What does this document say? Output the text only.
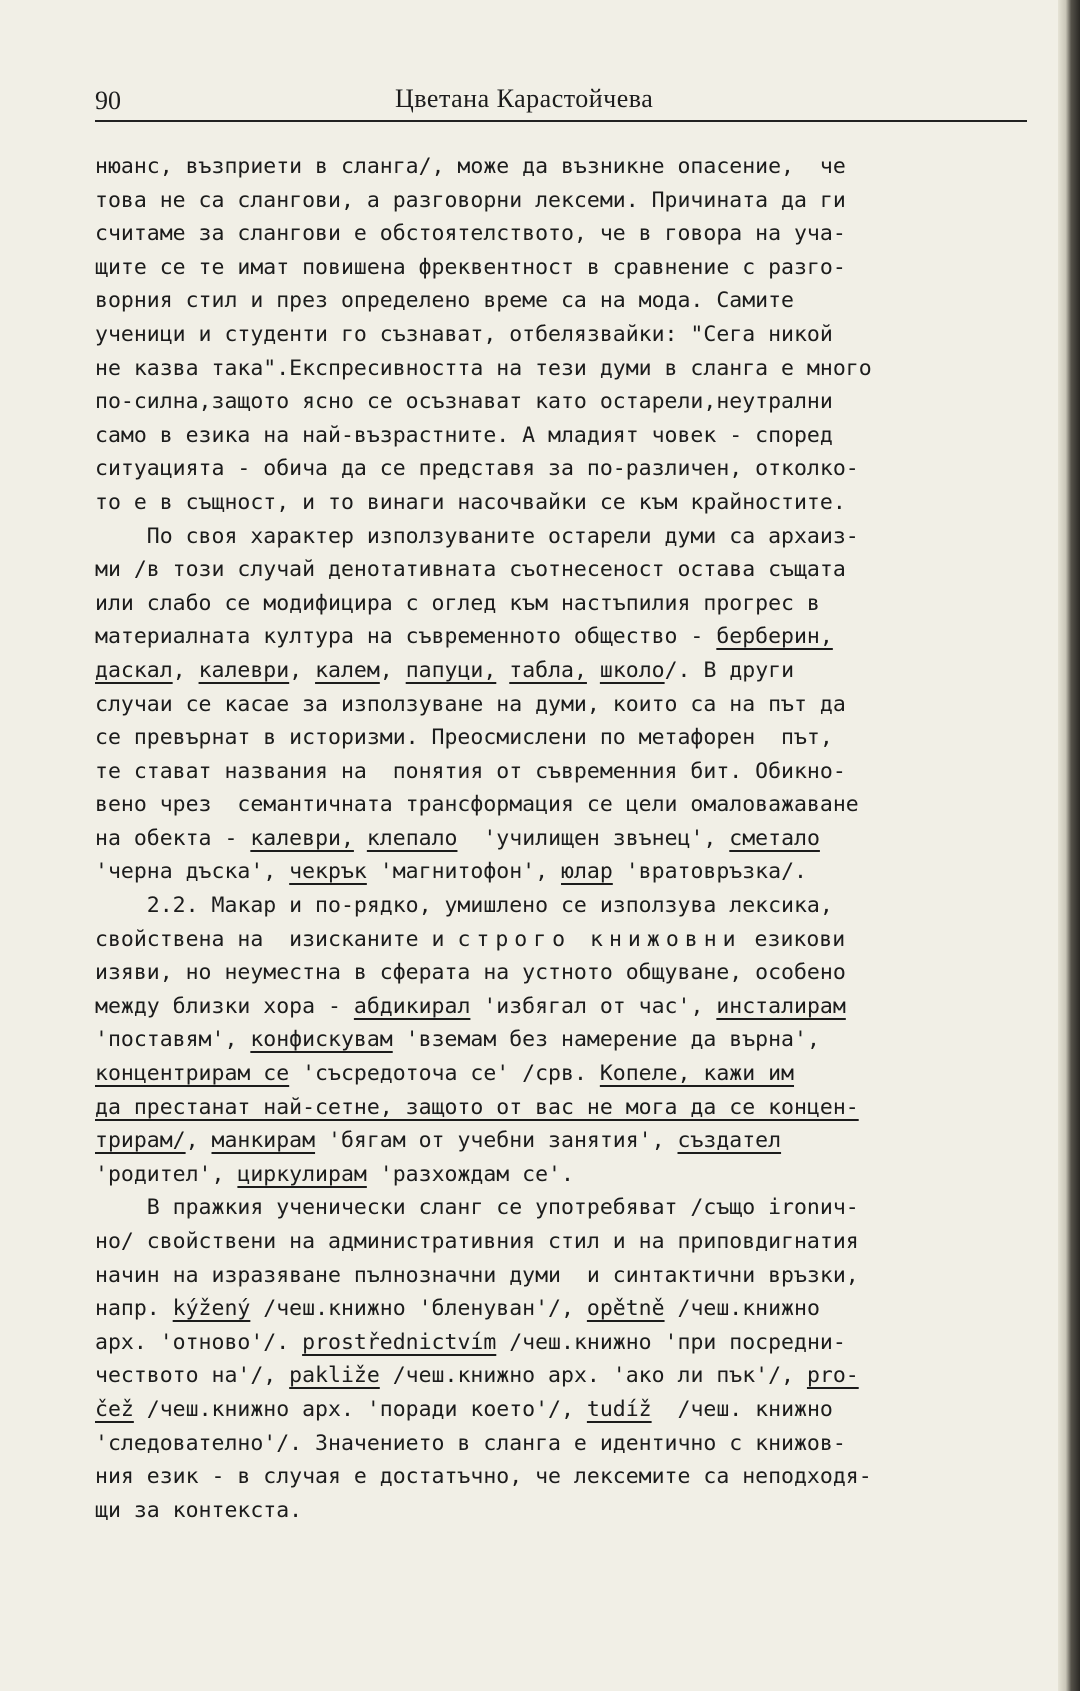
90	Цветана Карастойчева
нюанс, възприети в сланга/, може да възникне опасение,  че
това не са слангови, а разговорни лексеми. Причината да ги
считаме за слангови е обстоятелството, че в говора на уча-
щите се те имат повишена фреквентност в сравнение с разго-
ворния стил и през определено време са на мода. Самите
ученици и студенти го съзнават, отбелязвайки: "Сега никой
не казва така".Експресивността на тези думи в сланга е много
по-силна,защото ясно се осъзнават като остарели,неутрални
само в езика на най-възрастните. А младият човек - според
ситуацията - обича да се представя за по-различен, отколко-
то е в същност, и то винаги насочвайки се към крайностите.
По своя характер използуваните остарели думи са архаиз-
ми /в този случай денотативната съотнесеност остава същата
или слабо се модифицира с оглед към настъпилия прогрес в
материалната култура на съвременното общество - берберин,
даскал, калеври, калем, папуци, табла, школо/. В други
случаи се касае за използуване на думи, които са на път да
се превърнат в историзми. Преосмислени по метафорен  път,
те стават названия на  понятия от съвременния бит. Обикно-
вено чрез  семантичната трансформация се цели омаловажаване
на обекта - калеври, клепало  'училищен звънец', сметало
'черна дъска', чекрък 'магнитофон', юлар 'вратовръзка/.
2.2. Макар и по-рядко, умишлено се използува лексика,
свойствена на  изисканите и строго книжовни езикови
изяви, но неуместна в сферата на устното общуване, особено
между близки хора - абдикирал 'избягал от час', инсталирам
'поставям', конфискувам 'вземам без намерение да върна',
концентрирам се 'съсредоточа се' /срв. Копеле, кажи им
да престанат най-сетне, защото от вас не мога да се концен-
трирам/, манкирам 'бягам от учебни занятия', създател
'родител', циркулирам 'разхождам се'.
В пражкия ученически сланг се употребяват /също ironич-
но/ свойствени на административния стил и на приповдигнатия
начин на изразяване пълнозначни думи  и синтактични връзки,
напр. kýžený /чеш.книжно 'бленуван'/, opětně /чеш.книжно
арх. 'отново'/. prostřednictvím /чеш.книжно 'при посредни-
чеството на'/, pakliže /чеш.книжно арх. 'ако ли пък'/, pro-
čež /чеш.книжно арх. 'поради което'/, tudíž  /чеш. книжно
'следователно'/. Значението в сланга е идентично с книжов-
ния език - в случая е достатъчно, че лексемите са неподходя-
щи за контекста.
